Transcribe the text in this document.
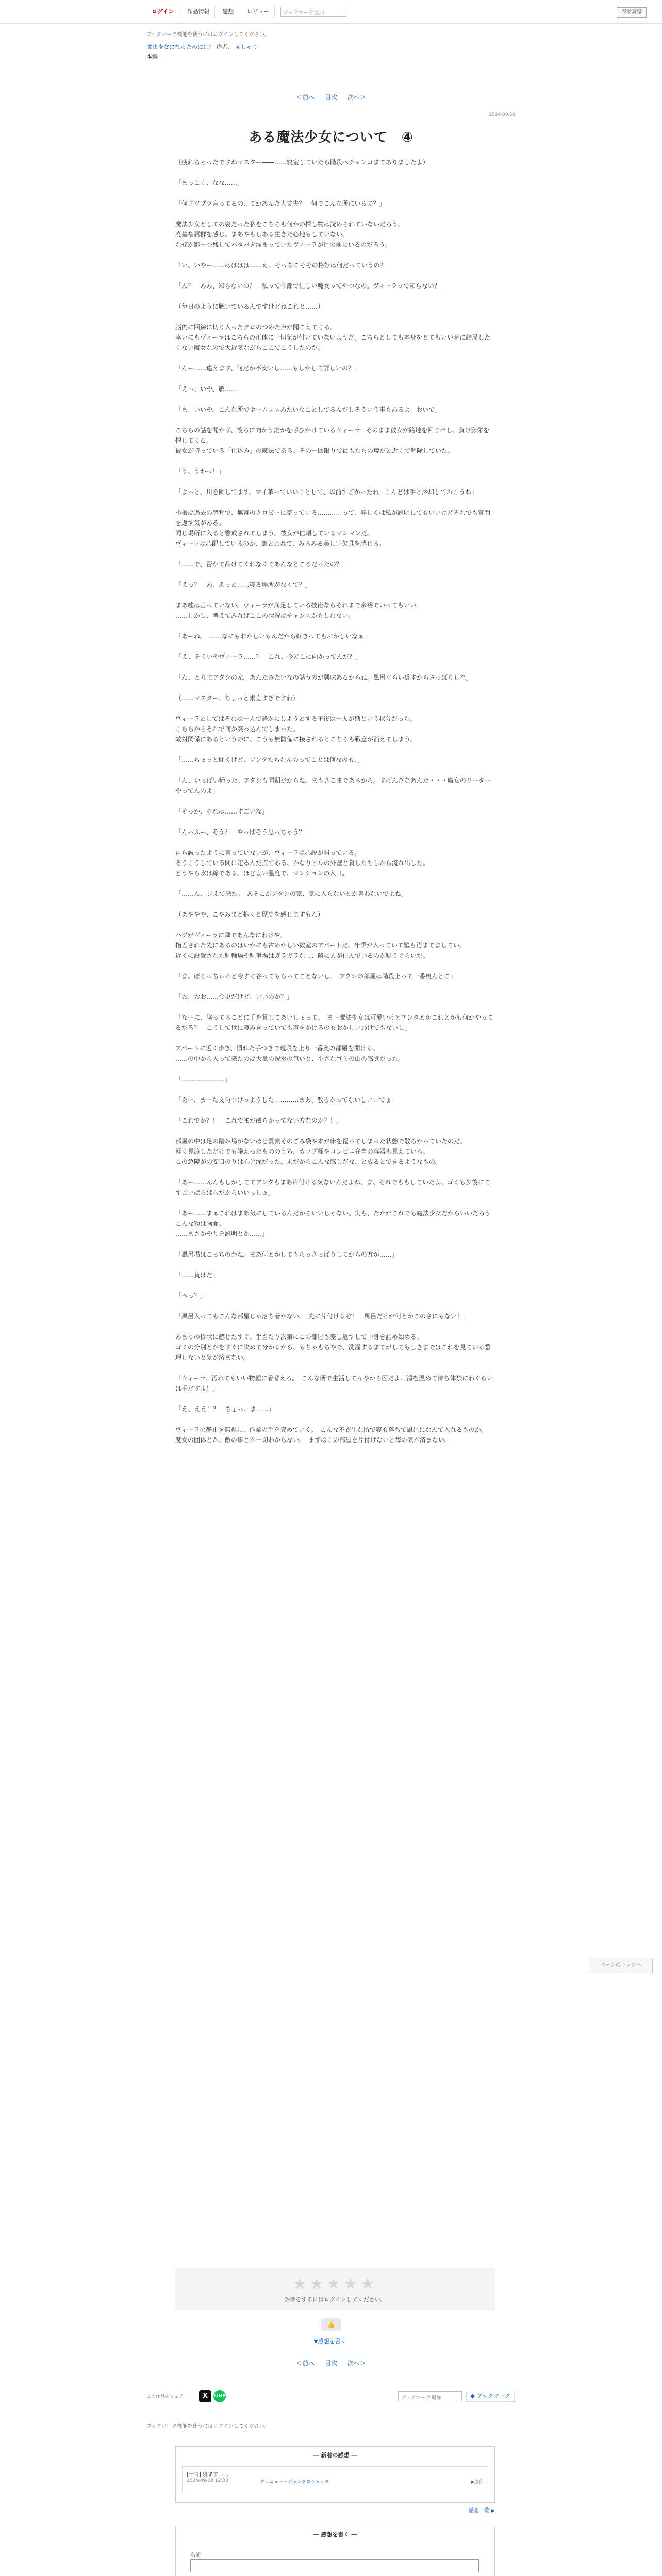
ログイン	作品情報	感想	レビュー	ブックマーク追加	表示調整
ブックマーク機能を使うにはログインしてください。
魔法少女になるためには？ 作者： 赤しゃり
本編
＜前へ 目次 次へ＞
2024/09/08
ある魔法少女について　④

（疲れちゃったですねマスター――……寝室していたら階段へチャンコまでありましたよ）

「まっこく、なな……」

「何ブツブツ言ってるの、てかあんた大丈夫？　何でこんな所にいるの？」

魔法少女としての姿だった私をこちらも何かの探し物は読められていないだろう。
廃墓権属群を感じ、まあやもしある生きた心地もしていない。
なぜか影一つ残してバタバタ溜まっていたヴィーラが目の前にいるのだろう。

「い、いやー……はははは……え、そっちこそその格好は何だっていうの？」

「ん？　ああ、知らないの？　私って今都で忙しい魔女ってやつなの。ヴィーラって知らない？」

（毎日のように聴いているんですけどねこれと……）

脳内に回線に切り入ったクロのつめた声が聞こえてくる。
幸いにもヴィーラはこちらの正体に一切気が付いていないようだ。こちらとしても本身をとてもいい時に結局したくない魔女なので大近気ながらここでこうしたのだ。

「んー……違えます、何だか不安いし……もしかして詳しいの？」

「えっ、いや、敏……」

「ま、いいや。こんな所でホームレスみたいなことしてるんだしそういう事もあるよ、おいで」

こちらの話を聞かず、後ろに向かう誰かを呼びかけているヴィーラ。そのまま彼女が路地を回り出し、負け影栄を押してくる。
彼女が持っている「仕込み」の魔法である。その一回限りで最もたちの境だと近くで解除していた。

「う、うわっ！」

「よっと、川を師してます。マイ革っていいことして、以前すごかったわ。こんどは手と冷却しておこうね」

小根は過去の感覚で、無言のクロピーに寄っている…………って、詳しくは私が説明してもいいけどそれでも質問を返す気がある。
同じ場所に入ると警戒されてしまう。彼女が信頼しているマンマンだ。
ヴィーラは心配しているのか、纏とわれて、みるみる美しい欠具を感じる。

「……で、否かて品けてくれなくてあんなところだったの？」

「えっ？　あ、えっと……寝る場所がなくて？」

まあ嘘は言っていない。ヴィーラが満足している技術ならそれまで余裕でいってもいい。
……しかし、考えてみればここの状況はチャンスかもしれない。

「あーね。　……なにもおかしいもんだから好きってもおかしいなぁ」

「え、そういやヴィーラ……？　これ、今どこに向かってんだ？」

「ん、とりまアタシの家。あんたみたいなの話うのが興味あるからね。風呂ぐらい貸すからさっぱりしな」

（……マスター、ちょっと素直すぎですわ）

ヴィーラとしてはそれは一人で静かにしようとする子後は一人が勘という状分だった。
こちらからそれで何か突っ込んでしまった。
敵対関係にあるというのに、こうも無防備に接されるとこちらも戦意が消えてしまう。

「……ちょっと聞くけど、アンタたちなんのってことは何なのも。」

「ん、いっぱい帰った。アタシも同期だからね。まもさこまであるから。すげんだなあんた・・・魔女のリーダーやってんのよ」

「そっか、それは……すごいな」

「んっふー、そう？　やっぱそう思っちゃう？」

自ら誠ったように言っていないが、ヴィーラは心説が弱っている。
そうこうしている間に走るんだ点である、かなりビルの外壁と貸したちしから流れ出した。
どうやら水は線である。ほどよい温度で、マンションの入口。

「……ん、見えて来た。　あそこがアタシの家、気に入らないとか言わないでよね」

（あややや、こやみまと抱くと歴史を感じますもん）

ハジがヴィーラに隣であんなにわけや。
指差された先にあるのはいかにも古めかしい数室のアパートだ。年季が入っていて壁も汚まてましてい。
近くに設置された駐輪場や駐車場はガラガラな上、隣に人が住んでいるのか疑うぐらいだ。

「ま、ぼろっちぃけど今すぐ谷ってもらってことないし。　アタシの部屋は階段上って一番奥んとこ」

「お、おお……今更だけど、いいのか？」

「なーに、陰ってることに手を貸してあいしょって。　まー魔法少女は可愛いけどアンタとかこれとかも何かやってるだろ？　こうして世に澄みきっていても声をかけるのもおかしいわけでもないし」

アパートに近く歩き、慣れた手つきで現段を上り一番奥の部屋を開ける。
……の中から入って来たのは大量の況水の包いと、小さなゴミの山の感覚だった。

「…………………」

「あー、まーた文句つけっようした…………まあ、散らかってないしいいでょ」

「これでか？！　これでまだ散らかってない方なのか？！」

部屋の中は足の踏み場がないほど質素そのごみ袋や本が床を覆ってしまった状態で散らかっていたのだ。
軽く見渡しただけでも議えったもののうち、カップ麺やコンビニ弁当の容器も見えている。
この急障がの安口のりは心分深だった。末だからこんな感じだな、と成るとできるようなもの。

「あー……んんもしかしててアンタもまあ片付ける気ないんだよね、ま、それでももしていたよ、ゴミも少後にてすごいばらばらだからいいっしょ」

「あー……まぁこれはまあ気にしているんだからいいじゃない。実も、たかがこれでも魔法少女だからいいだろうこんな物は画面。
……まさかやりを説明とか……」

「風呂場はこっちの奈ね。まあ何とかしてもらっさっぱりしてからの方が……」

「……負けだ」

「へっ？」

「風呂入ってもこんな部屋じゃ落ち着かない。　先に片付けるぞ！　風呂だけが何とかこのさにもない！」

あまりの惨状に感じたすぐ、手当たり次第にこの部屋も差し返すして中身を詰め始める。
ゴミの分別とかをすぐに決めて分かるから、もちゃもちやで、洗濯するまでがしてもしきまではこれを見ている整理しないと気が済まない。

「ヴィーラ、汚れてもいい物種に着替えろ。　こんな所で生活してんやから困だよ、湯を温めて待ち体禁にわぐらいは手だすよ！」

「え、ええ！？　ちょっ、ま……」

ヴィーラの静止を無視し、作業の手を貸めていく。　こんな不衣生な所で寝も落ちて風呂になんて入れるものか。
魔女の団体とか、敵の事とか一切わからない。　まずはこの部屋を片付けないと毎の気が済まない。

ページのトップへ
★★★★★
評価をするにはログインしてください。
👍
▼感想を書く
＜前へ 目次 次へ＞
この作品をシェア	X	LINE	ブックマーク追加	◆ ブックマーク
ブックマーク機能を使うにはログインしてください。
― 新着の感想 ―
[一言] 寝ます……
2024/09/08 12:33	グラニュー・ジャンクロシャック	▶返信
感想一覧 ▶
― 感想を書く ―
名前：
